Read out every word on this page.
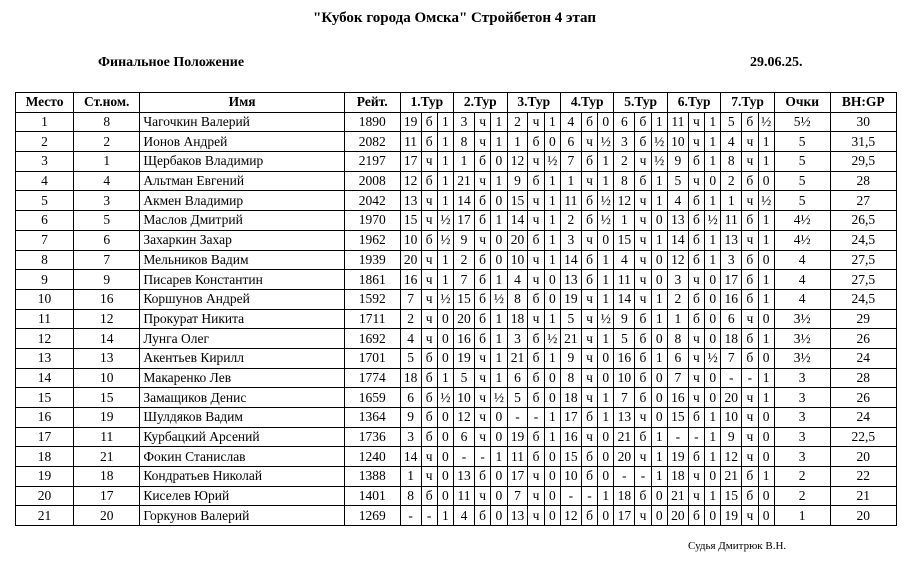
"Кубок города Омска" Стройбетон 4 этап
Финальное Положение	29.06.25.
Место	Ст.ном.	Имя	Рейт.	1.Тур			2.Тур			3.Тур			4.Тур			5.Тур			6.Тур			7.Тур			Очки	ВН:GP
1	8	Чагочкин Валерий	1890	19	б	1	3	ч	1	2	ч	1	4	б	0	6	б	1	11	ч	1	5	б	½	5½	30
2	2	Ионов Андрей	2082	11	б	1	8	ч	1	1	б	0	6	ч	½	3	б	½	10	ч	1	4	ч	1	5	31,5
3	1	Щербаков Владимир	2197	17	ч	1	1	б	0	12	ч	½	7	б	1	2	ч	½	9	б	1	8	ч	1	5	29,5
4	4	Альтман Евгений	2008	12	б	1	21	ч	1	9	б	1	1	ч	1	8	б	1	5	ч	0	2	б	0	5	28
5	3	Акмен Владимир	2042	13	ч	1	14	б	0	15	ч	1	11	б	½	12	ч	1	4	б	1	1	ч	½	5	27
6	5	Маслов Дмитрий	1970	15	ч	½	17	б	1	14	ч	1	2	б	½	1	ч	0	13	б	½	11	б	1	4½	26,5
7	6	Захаркин Захар	1962	10	б	½	9	ч	0	20	б	1	3	ч	0	15	ч	1	14	б	1	13	ч	1	4½	24,5
8	7	Мельников Вадим	1939	20	ч	1	2	б	0	10	ч	1	14	б	1	4	ч	0	12	б	1	3	б	0	4	27,5
9	9	Писарев Константин	1861	16	ч	1	7	б	1	4	ч	0	13	б	1	11	ч	0	3	ч	0	17	б	1	4	27,5
10	16	Коршунов Андрей	1592	7	ч	½	15	б	½	8	б	0	19	ч	1	14	ч	1	2	б	0	16	б	1	4	24,5
11	12	Прокурат Никита	1711	2	ч	0	20	б	1	18	ч	1	5	ч	½	9	б	1	1	б	0	6	ч	0	3½	29
12	14	Лунга Олег	1692	4	ч	0	16	б	1	3	б	½	21	ч	1	5	б	0	8	ч	0	18	б	1	3½	26
13	13	Акентьев Кирилл	1701	5	б	0	19	ч	1	21	б	1	9	ч	0	16	б	1	6	ч	½	7	б	0	3½	24
14	10	Макаренко Лев	1774	18	б	1	5	ч	1	6	б	0	8	ч	0	10	б	0	7	ч	0	-	-	1	3	28
15	15	Замащиков Денис	1659	6	б	½	10	ч	½	5	б	0	18	ч	1	7	б	0	16	ч	0	20	ч	1	3	26
16	19	Шулдяков Вадим	1364	9	б	0	12	ч	0	-	-	1	17	б	1	13	ч	0	15	б	1	10	ч	0	3	24
17	11	Курбацкий Арсений	1736	3	б	0	6	ч	0	19	б	1	16	ч	0	21	б	1	-	-	1	9	ч	0	3	22,5
18	21	Фокин Станислав	1240	14	ч	0	-	-	1	11	б	0	15	б	0	20	ч	1	19	б	1	12	ч	0	3	20
19	18	Кондратьев Николай	1388	1	ч	0	13	б	0	17	ч	0	10	б	0	-	-	1	18	ч	0	21	б	1	2	22
20	17	Киселев Юрий	1401	8	б	0	11	ч	0	7	ч	0	-	-	1	18	б	0	21	ч	1	15	б	0	2	21
21	20	Горкунов Валерий	1269	-	-	1	4	б	0	13	ч	0	12	б	0	17	ч	0	20	б	0	19	ч	0	1	20
Судья Дмитрюк В.Н.
